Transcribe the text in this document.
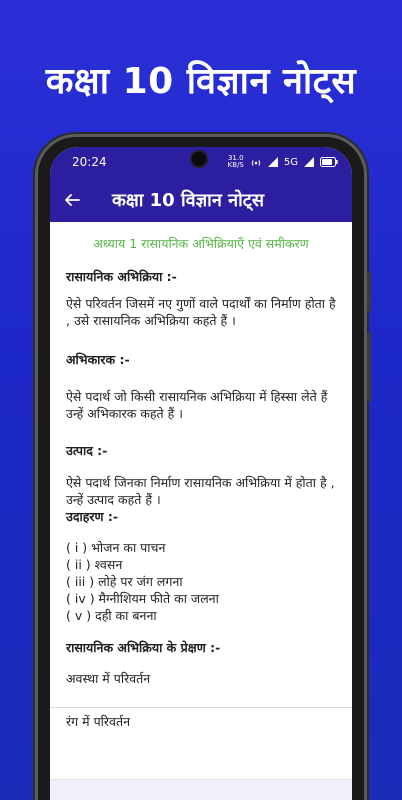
कक्षा 10 विज्ञान नोट्स
20:24	31.0
KB/S	5G
कक्षा 10 विज्ञान नोट्स
अध्याय 1 रासायनिक अभिक्रियाएँ एवं समीकरण
रासायनिक अभिक्रिया :-
ऐसे परिवर्तन जिसमें नए गुणों वाले पदार्थों का निर्माण होता है , उसे रासायनिक अभिक्रिया कहते हैं ।
अभिकारक :-
ऐसे पदार्थ जो किसी रासायनिक अभिक्रिया में हिस्सा लेते हैं उन्हें अभिकारक कहते हैं ।
उत्पाद :-
ऐसे पदार्थ जिनका निर्माण रासायनिक अभिक्रिया में होता है , उन्हें उत्पाद कहते हैं ।
उदाहरण :-
( i ) भोजन का पाचन
( ii ) श्वसन
( iii ) लोहे पर जंग लगना
( iv ) मैग्नीशियम फीते का जलना
( v ) दही का बनना
रासायनिक अभिक्रिया के प्रेक्षण :-
अवस्था में परिवर्तन
रंग में परिवर्तन
